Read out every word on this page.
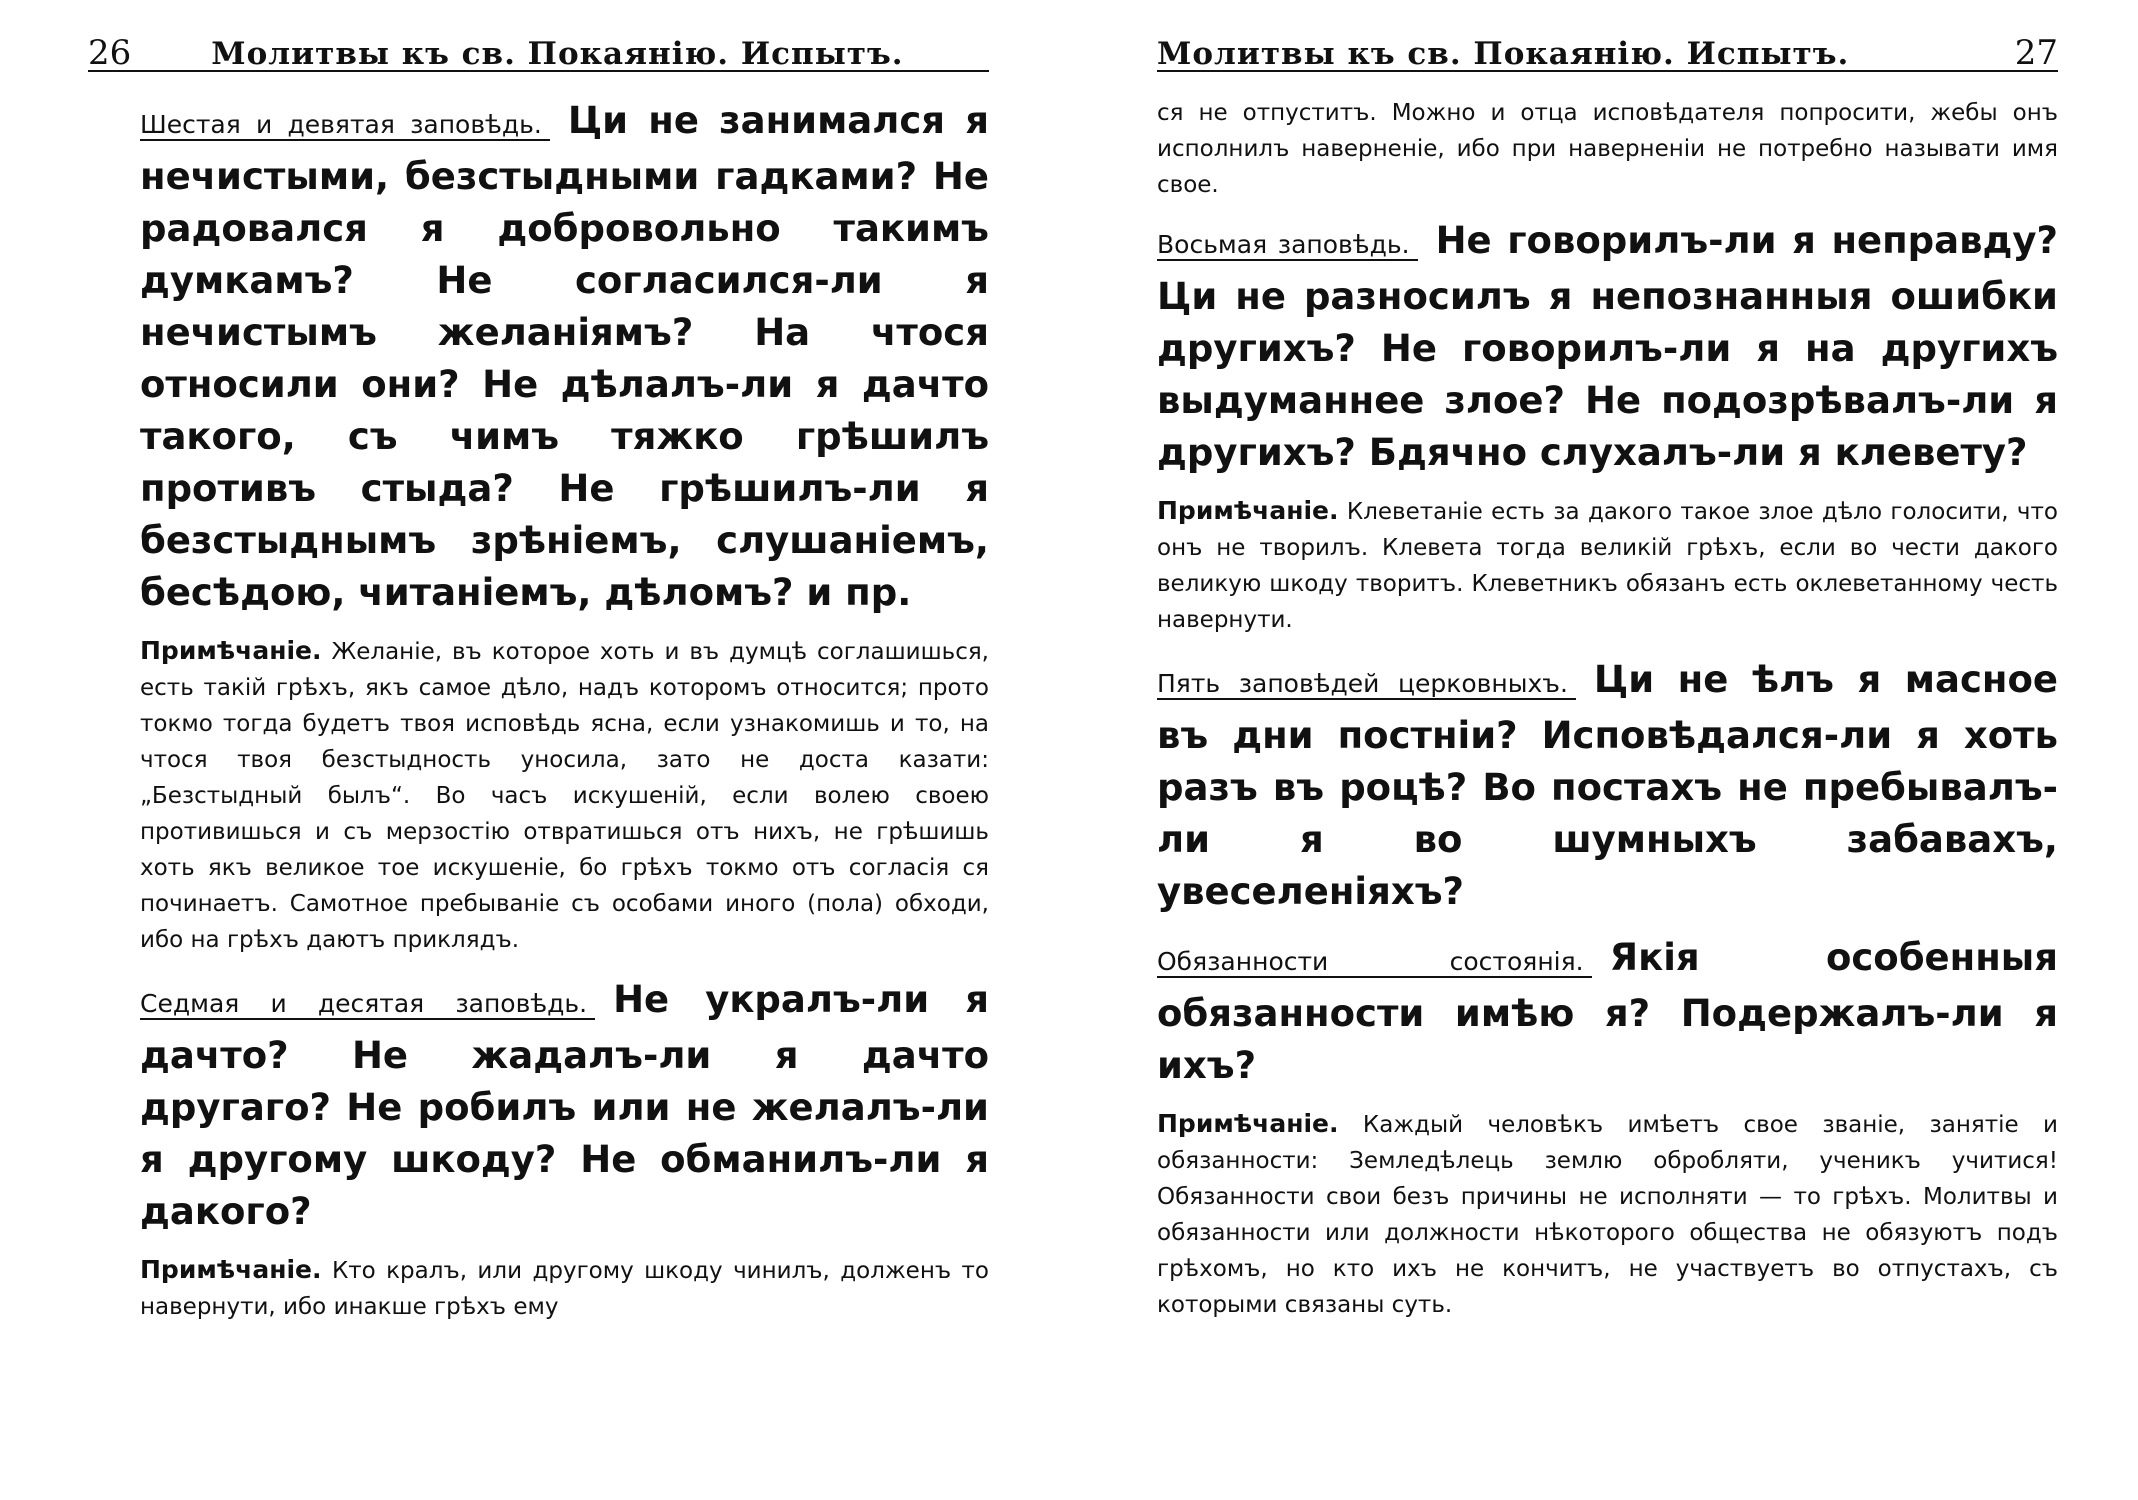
26	Молитвы къ св. Покаянію. Испытъ.

Шестая и девятая заповѣдь. Ци не занимался я нечистыми, безстыдными гадками? Не радовался я добровольно такимъ думкамъ? Не согласился-ли я нечистымъ желаніямъ? На чтося относили они? Не дѣлалъ-ли я дачто такого, съ чимъ тяжко грѣшилъ противъ стыда? Не грѣшилъ-ли я безстыднымъ зрѣніемъ, слушаніемъ, бесѣдою, читаніемъ, дѣломъ? и пр.

Примѣчаніе. Желаніе, въ которое хоть и въ думцѣ соглашишься, есть такій грѣхъ, якъ самое дѣло, надъ которомъ относится; прото токмо тогда будетъ твоя исповѣдь ясна, если узнакомишь и то, на чтося твоя безстыдность уносила, зато не доста казати: „Безстыдный былъ“. Во часъ искушеній, если волею своею противишься и съ мерзостію отвратишься отъ нихъ, не грѣшишь хоть якъ великое тое искушеніе, бо грѣхъ токмо отъ согласія ся починаетъ. Самотное пребываніе съ особами иного (пола) обходи, ибо на грѣхъ даютъ приклядъ.

Седмая и десятая заповѣдь. Не укралъ-ли я дачто? Не жадалъ-ли я дачто другаго? Не робилъ или не желалъ-ли я другому шкоду? Не обманилъ-ли я дакого?

Примѣчаніе. Кто кралъ, или другому шкоду чинилъ, долженъ то навернути, ибо инакше грѣхъ ему

Молитвы къ св. Покаянію. Испытъ.	27

ся не отпуститъ. Можно и отца исповѣдателя попросити, жебы онъ исполнилъ наверненіе, ибо при наверненіи не потребно называти имя свое.

Восьмая заповѣдь. Не говорилъ-ли я неправду? Ци не разносилъ я непознанныя ошибки другихъ? Не говорилъ-ли я на другихъ выдуманнее злое? Не подозрѣвалъ-ли я другихъ? Бдячно слухалъ-ли я клевету?

Примѣчаніе. Клеветаніе есть за дакого такое злое дѣло голосити, что онъ не творилъ. Клевета тогда великій грѣхъ, если во чести дакого великую шкоду творитъ. Клеветникъ обязанъ есть оклеветанному честь навернути.

Пять заповѣдей церковныхъ. Ци не ѣлъ я масное въ дни постніи? Исповѣдался-ли я хоть разъ въ роцѣ? Во постахъ не пребывалъ-ли я во шумныхъ забавахъ, увеселеніяхъ?

Обязанности состоянія. Якія особенныя обязанности имѣю я? Подержалъ-ли я ихъ?

Примѣчаніе. Каждый человѣкъ имѣетъ свое званіе, занятіе и обязанности: Земледѣлець землю обробляти, ученикъ учитися! Обязанности свои безъ причины не исполняти — то грѣхъ. Молитвы и обязанности или должности нѣкоторого общества не обязуютъ подъ грѣхомъ, но кто ихъ не кончитъ, не участвуетъ во отпустахъ, съ которыми связаны суть.
